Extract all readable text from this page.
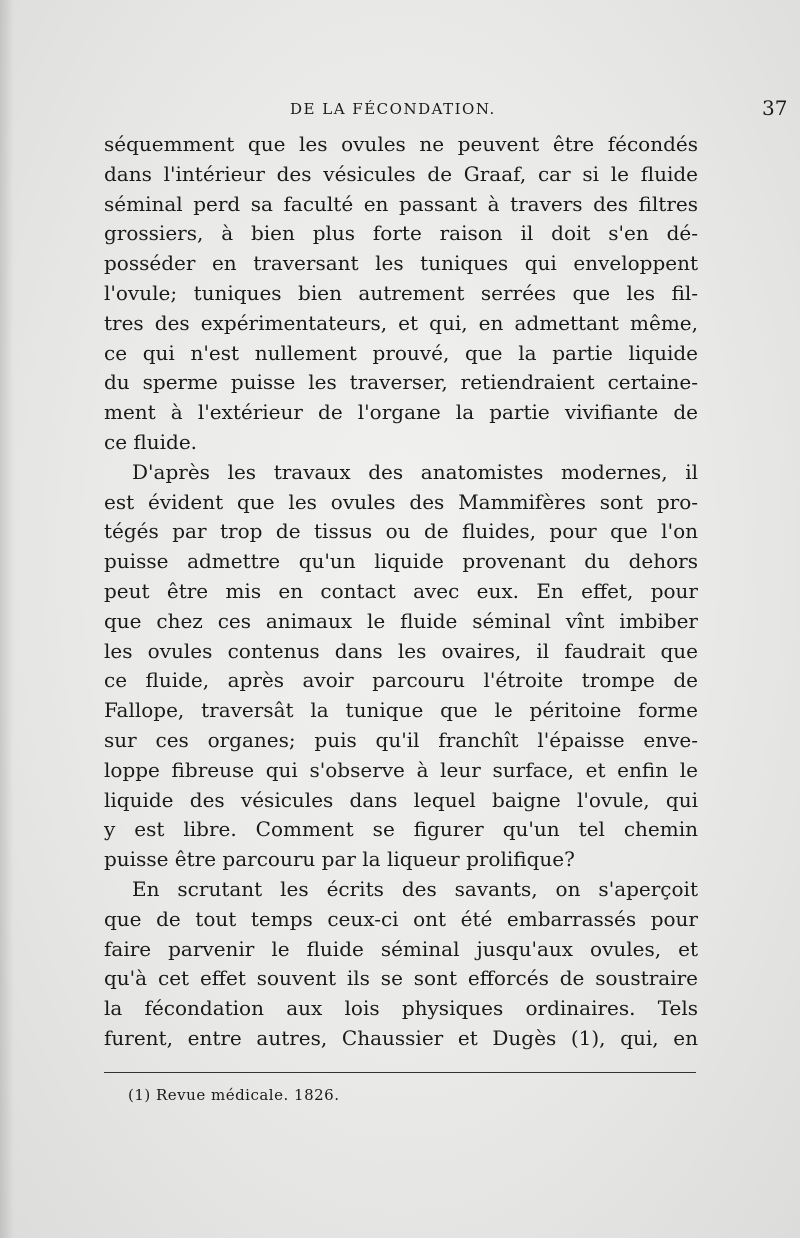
DE LA FÉCONDATION.	37
séquemment que les ovules ne peuvent être fécondés
dans l'intérieur des vésicules de Graaf, car si le fluide
séminal perd sa faculté en passant à travers des filtres
grossiers, à bien plus forte raison il doit s'en dé-
posséder en traversant les tuniques qui enveloppent
l'ovule; tuniques bien autrement serrées que les fil-
tres des expérimentateurs, et qui, en admettant même,
ce qui n'est nullement prouvé, que la partie liquide
du sperme puisse les traverser, retiendraient certaine-
ment à l'extérieur de l'organe la partie vivifiante de
ce fluide.
D'après les travaux des anatomistes modernes, il
est évident que les ovules des Mammifères sont pro-
tégés par trop de tissus ou de fluides, pour que l'on
puisse admettre qu'un liquide provenant du dehors
peut être mis en contact avec eux. En effet, pour
que chez ces animaux le fluide séminal vînt imbiber
les ovules contenus dans les ovaires, il faudrait que
ce fluide, après avoir parcouru l'étroite trompe de
Fallope, traversât la tunique que le péritoine forme
sur ces organes; puis qu'il franchît l'épaisse enve-
loppe fibreuse qui s'observe à leur surface, et enfin le
liquide des vésicules dans lequel baigne l'ovule, qui
y est libre. Comment se figurer qu'un tel chemin
puisse être parcouru par la liqueur prolifique?
En scrutant les écrits des savants, on s'aperçoit
que de tout temps ceux-ci ont été embarrassés pour
faire parvenir le fluide séminal jusqu'aux ovules, et
qu'à cet effet souvent ils se sont efforcés de soustraire
la fécondation aux lois physiques ordinaires. Tels
furent, entre autres, Chaussier et Dugès (1), qui, en
(1) Revue médicale. 1826.
